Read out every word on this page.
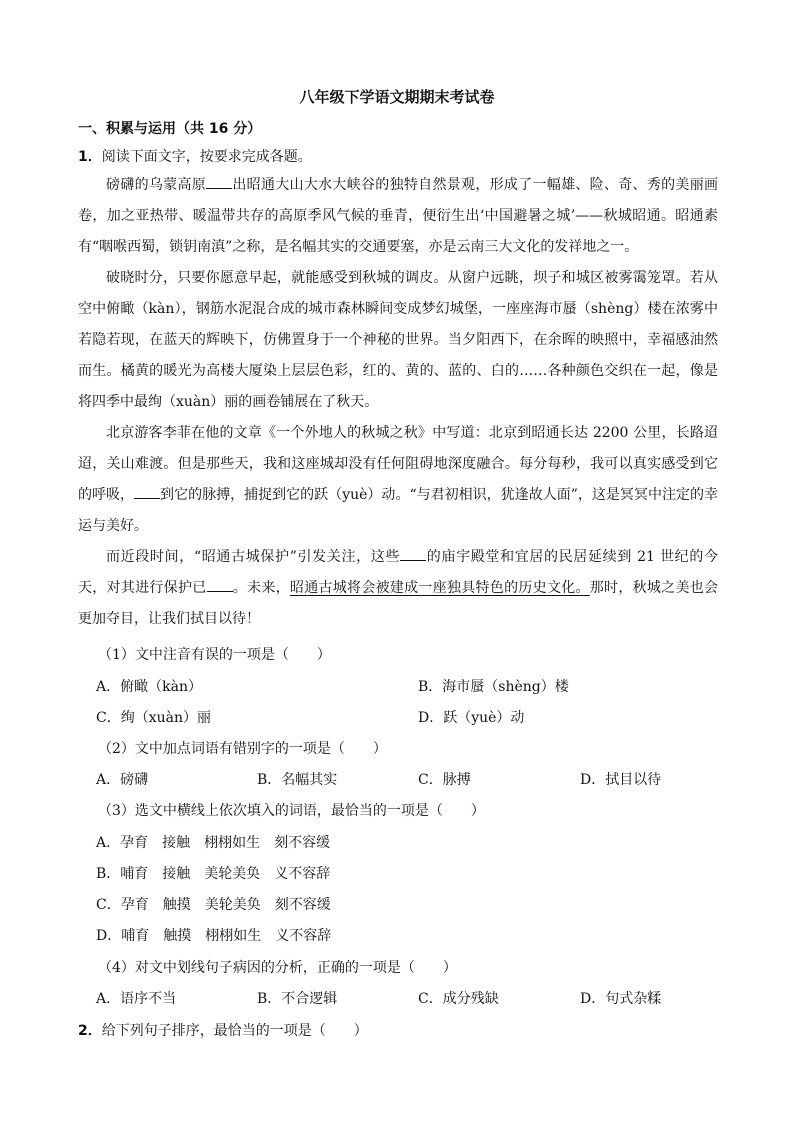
八年级下学语文期期末考试卷
一、积累与运用（共 16 分）
1．阅读下面文字，按要求完成各题。

磅礴的乌蒙高原 出昭通大山大水大峡谷的独特自然景观，形成了一幅雄、险、奇、秀的美丽画卷，加之亚热带、暖温带共存的高原季风气候的垂青，便衍生出‘中国避暑之城’——秋城昭通。昭通素有“咽喉西蜀，锁钥南滇”之称，是名幅其实的交通要塞，亦是云南三大文化的发祥地之一。

破晓时分，只要你愿意早起，就能感受到秋城的调皮。从窗户远眺，坝子和城区被雾霭笼罩。若从空中俯瞰（kàn），钢筋水泥混合成的城市森林瞬间变成梦幻城堡，一座座海市蜃（shèng）楼在浓雾中若隐若现，在蓝天的辉映下，仿佛置身于一个神秘的世界。当夕阳西下，在余晖的映照中，幸福感油然而生。橘黄的暖光为高楼大厦染上层层色彩，红的、黄的、蓝的、白的……各种颜色交织在一起，像是将四季中最绚（xuàn）丽的画卷铺展在了秋天。

北京游客李菲在他的文章《一个外地人的秋城之秋》中写道：北京到昭通长达 2200 公里，长路迢迢，关山难渡。但是那些天，我和这座城却没有任何阻碍地深度融合。每分每秒，我可以真实感受到它的呼吸， 到它的脉搏，捕捉到它的跃（yuè）动。“与君初相识，犹逢故人面”，这是冥冥中注定的幸运与美好。

而近段时间，“昭通古城保护”引发关注，这些 的庙宇殿堂和宜居的民居延续到 21 世纪的今天，对其进行保护已 。未来，昭通古城将会被建成一座独具特色的历史文化。那时，秋城之美也会更加夺目，让我们拭目以待！

（1）文中注音有误的一项是（　　）
A．俯瞰（kàn）	B．海市蜃（shèng）楼
C．绚（xuàn）丽	D．跃（yuè）动
（2）文中加点词语有错别字的一项是（　　）
A．磅礴	B．名幅其实	C．脉搏	D．拭目以待
（3）选文中横线上依次填入的词语，最恰当的一项是（　　）
A．孕育　接触　栩栩如生　刻不容缓
B．哺育　接触　美轮美奂　义不容辞
C．孕育　触摸　美轮美奂　刻不容缓
D．哺育　触摸　栩栩如生　义不容辞
（4）对文中划线句子病因的分析，正确的一项是（　　）
A．语序不当	B．不合逻辑	C．成分残缺	D．句式杂糅
2．给下列句子排序，最恰当的一项是（　　）
